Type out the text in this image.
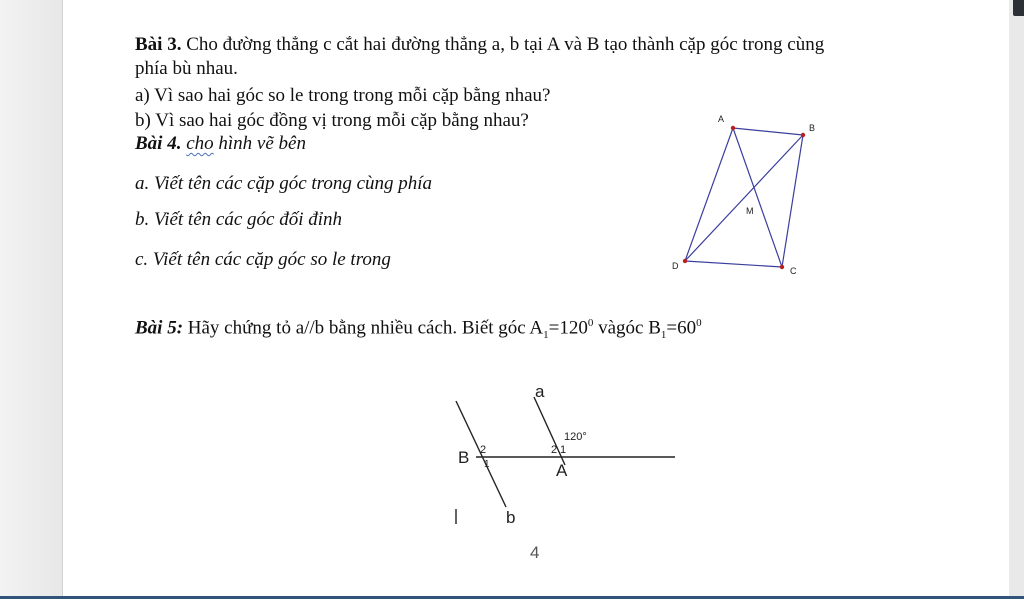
Bài 3. Cho đường thẳng c cắt hai đường thẳng a, b tại A và B tạo thành cặp góc trong cùng
phía bù nhau.
a) Vì sao hai góc so le trong trong mỗi cặp bằng nhau?
b) Vì sao hai góc đồng vị trong mỗi cặp bằng nhau?
Bài 4. cho hình vẽ bên
a. Viết tên các cặp góc trong cùng phía
b. Viết tên các góc đối đỉnh
c. Viết tên các cặp góc so le trong
A
B
D	C
M
Bài 5: Hãy chứng tỏ a//b bằng nhiều cách. Biết góc $A_1=120^0$ vàgóc $B_1=60^0$
a
b
B
A
120°
2 1
2
1
4
